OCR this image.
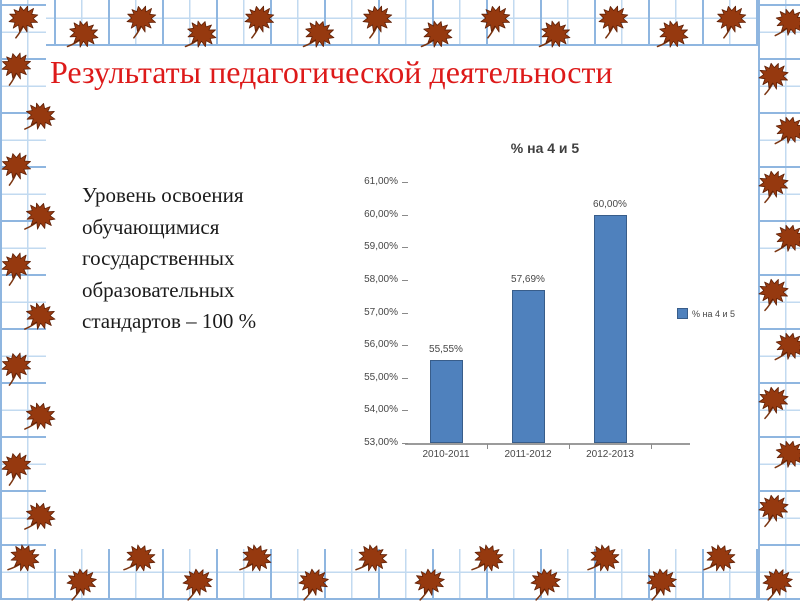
Результаты педагогической деятельности
Уровень освоения
обучающимися
государственных
образовательных
стандартов – 100 %
% на 4 и 5
% на 4 и 5
61,00%
60,00%
59,00%
58,00%
57,00%
56,00%
55,00%
54,00%
53,00%
55,55%
2010-2011
57,69%
2011-2012
60,00%
2012-2013
